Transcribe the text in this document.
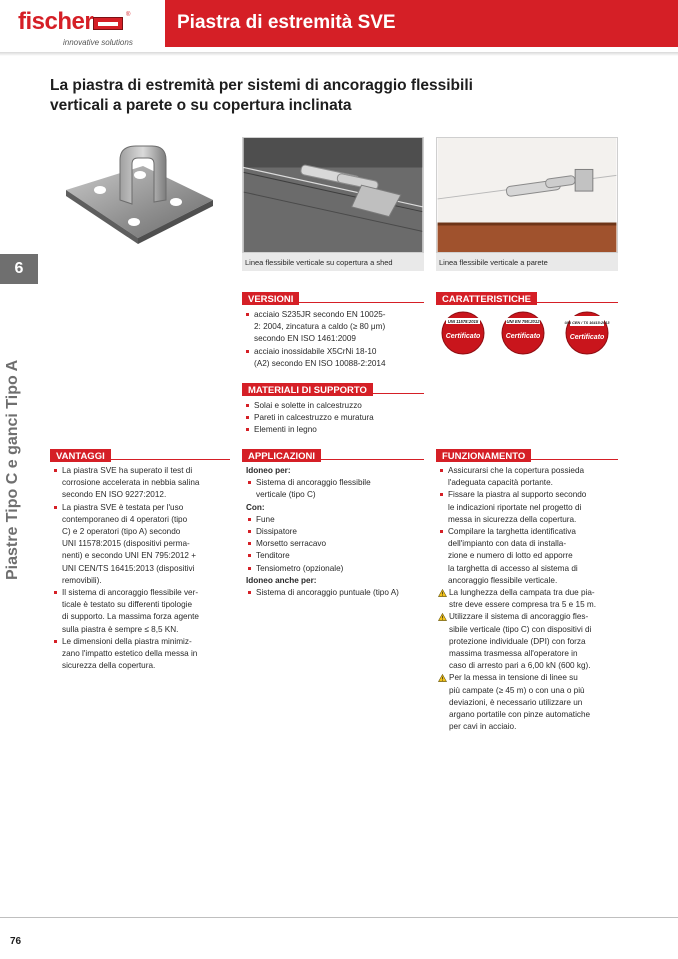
fischer	®
innovative solutions
Piastra di estremità SVE
La piastra di estremità per sistemi di ancoraggio flessibili
verticali a parete o su copertura inclinata
6
Piastre Tipo C e ganci Tipo A
Linea flessibile verticale su copertura a shed	Linea flessibile verticale a parete
VERSIONI
acciaio S235JR secondo EN 10025-
2: 2004, zincatura a caldo (≥ 80 μm)
secondo EN ISO 1461:2009
acciaio inossidabile X5CrNi 18-10
(A2) secondo EN ISO 10088-2:2014
CARATTERISTICHE
UNI 11578:2015
Certificato
UNI EN 795:2012
Certificato
UNI CEN / TS 16415:2013
Certificato
MATERIALI DI SUPPORTO
Solai e solette in calcestruzzo
Pareti in calcestruzzo e muratura
Elementi in legno
VANTAGGI
La piastra SVE ha superato il test di
corrosione accelerata in nebbia salina
secondo EN ISO 9227:2012.
La piastra SVE è testata per l'uso
contemporaneo di 4 operatori (tipo
C) e 2 operatori (tipo A) secondo
UNI 11578:2015 (dispositivi perma-
nenti) e secondo UNI EN 795:2012 +
UNI CEN/TS 16415:2013 (dispositivi
removibili).
Il sistema di ancoraggio flessibile ver-
ticale è testato su differenti tipologie
di supporto. La massima forza agente
sulla piastra è sempre ≤ 8,5 KN.
Le dimensioni della piastra minimiz-
zano l'impatto estetico della messa in
sicurezza della copertura.
APPLICAZIONI
Idoneo per:
Sistema di ancoraggio flessibile
verticale (tipo C)
Con:
Fune
Dissipatore
Morsetto serracavo
Tenditore
Tensiometro (opzionale)
Idoneo anche per:
Sistema di ancoraggio puntuale (tipo A)
FUNZIONAMENTO
Assicurarsi che la copertura possieda
l'adeguata capacità portante.
Fissare la piastra al supporto secondo
le indicazioni riportate nel progetto di
messa in sicurezza della copertura.
Compilare la targhetta identificativa
dell'impianto con data di installa-
zione e numero di lotto ed apporre
la targhetta di accesso al sistema di
ancoraggio flessibile verticale.
La lunghezza della campata tra due pia-
stre deve essere compresa tra 5 e 15 m.
Utilizzare il sistema di ancoraggio fles-
sibile verticale (tipo C) con dispositivi di
protezione individuale (DPI) con forza
massima trasmessa all'operatore in
caso di arresto pari a 6,00 kN (600 kg).
Per la messa in tensione di linee su
più campate (≥ 45 m) o con una o più
deviazioni, è necessario utilizzare un
argano portatile con pinze automatiche
per cavi in acciaio.
76
